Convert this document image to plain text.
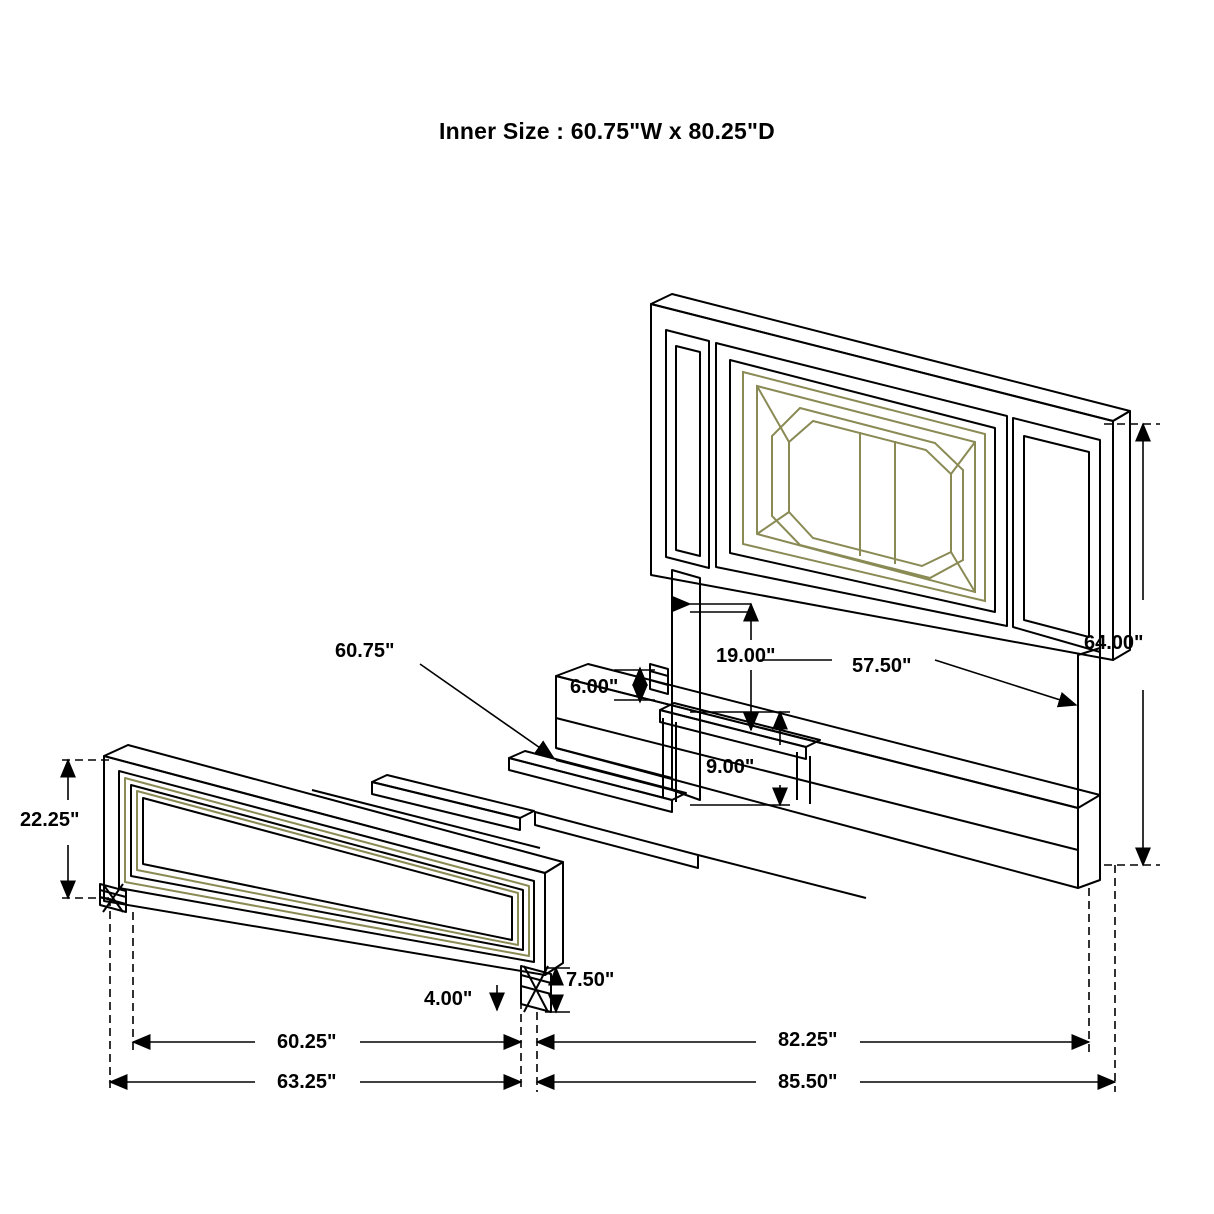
Inner Size : 60.75"W x 80.25"D
64.00"
57.50"
19.00"
60.75"
6.00"
9.00"
22.25"
7.50"
4.00"
60.25"	82.25"
63.25"	85.50"
